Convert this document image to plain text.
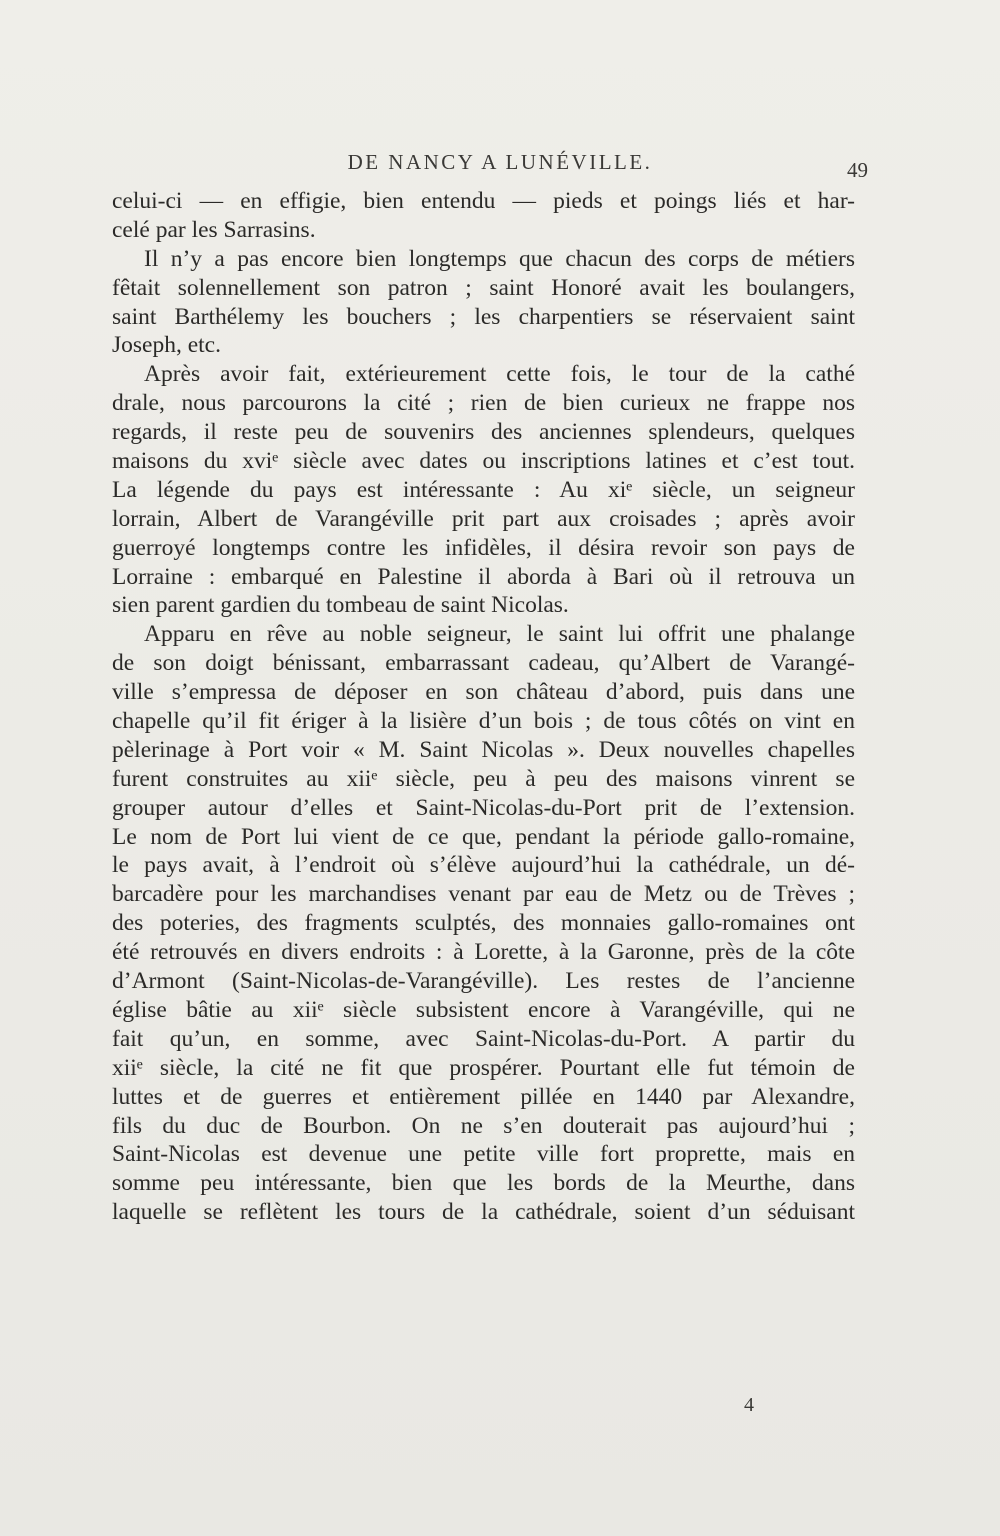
DE NANCY A LUNÉVILLE.	49
celui-ci — en effigie, bien entendu — pieds et poings liés et har-
celé par les Sarrasins.
Il n’y a pas encore bien longtemps que chacun des corps de métiers
fêtait solennellement son patron ; saint Honoré avait les boulangers,
saint Barthélemy les bouchers ; les charpentiers se réservaient saint
Joseph, etc.
Après avoir fait, extérieurement cette fois, le tour de la cathé
drale, nous parcourons la cité ; rien de bien curieux ne frappe nos
regards, il reste peu de souvenirs des anciennes splendeurs, quelques
maisons du xviᵉ siècle avec dates ou inscriptions latines et c’est tout.
La légende du pays est intéressante : Au xiᵉ siècle, un seigneur
lorrain, Albert de Varangéville prit part aux croisades ; après avoir
guerroyé longtemps contre les infidèles, il désira revoir son pays de
Lorraine : embarqué en Palestine il aborda à Bari où il retrouva un
sien parent gardien du tombeau de saint Nicolas.
Apparu en rêve au noble seigneur, le saint lui offrit une phalange
de son doigt bénissant, embarrassant cadeau, qu’Albert de Varangé-
ville s’empressa de déposer en son château d’abord, puis dans une
chapelle qu’il fit ériger à la lisière d’un bois ; de tous côtés on vint en
pèlerinage à Port voir « M. Saint Nicolas ». Deux nouvelles chapelles
furent construites au xiiᵉ siècle, peu à peu des maisons vinrent se
grouper autour d’elles et Saint-Nicolas-du-Port prit de l’extension.
Le nom de Port lui vient de ce que, pendant la période gallo-romaine,
le pays avait, à l’endroit où s’élève aujourd’hui la cathédrale, un dé-
barcadère pour les marchandises venant par eau de Metz ou de Trèves ;
des poteries, des fragments sculptés, des monnaies gallo-romaines ont
été retrouvés en divers endroits : à Lorette, à la Garonne, près de la côte
d’Armont (Saint-Nicolas-de-Varangéville). Les restes de l’ancienne
église bâtie au xiiᵉ siècle subsistent encore à Varangéville, qui ne
fait qu’un, en somme, avec Saint-Nicolas-du-Port. A partir du
xiiᵉ siècle, la cité ne fit que prospérer. Pourtant elle fut témoin de
luttes et de guerres et entièrement pillée en 1440 par Alexandre,
fils du duc de Bourbon. On ne s’en douterait pas aujourd’hui ;
Saint-Nicolas est devenue une petite ville fort proprette, mais en
somme peu intéressante, bien que les bords de la Meurthe, dans
laquelle se reflètent les tours de la cathédrale, soient d’un séduisant
4
